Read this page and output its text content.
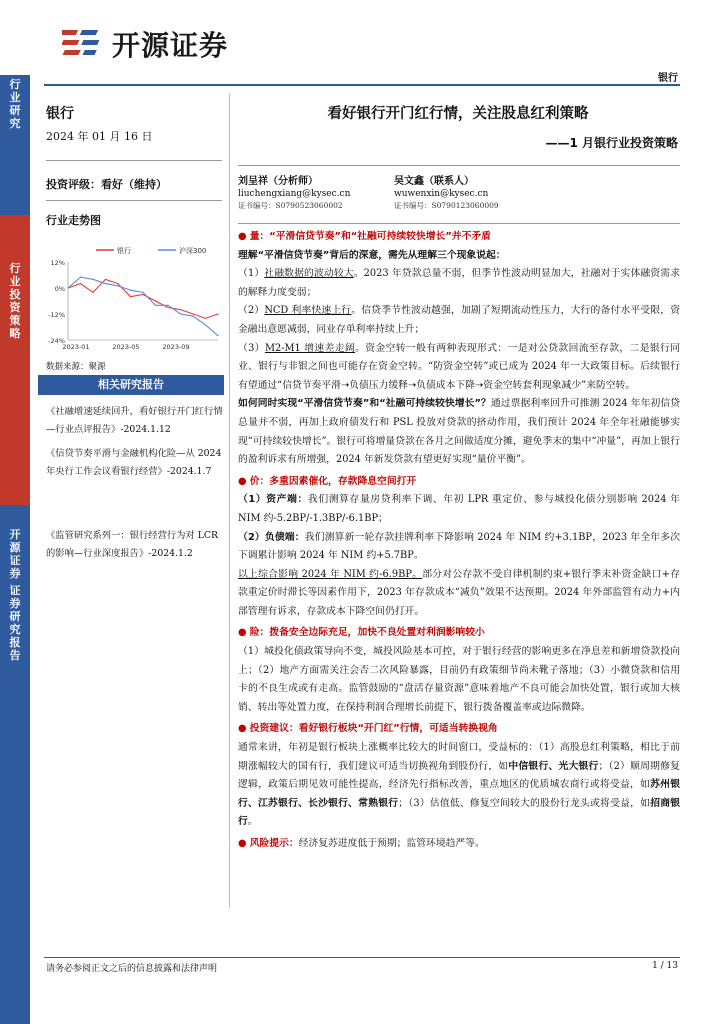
行业研究
行业投资策略
开源证券
证券研究报告
开源证券
银行
银行
2024 年 01 月 16 日
投资评级：看好（维持）
行业走势图
12%
0%
-12%
-24%
2023-01	2023-05	2023-09
银行	沪深300
数据来源：聚源
相关研究报告
《社融增速延续回升，看好银行开门红行情—行业点评报告》-2024.1.12
《信贷节奏平滑与金融机构化险—从 2024 年央行工作会议看银行经营》-2024.1.7
《监管研究系列一：银行经营行为对 LCR 的影响—行业深度报告》-2024.1.2
看好银行开门红行情，关注股息红利策略
——1 月银行业投资策略
刘呈祥（分析师）
liuchengxiang@kysec.cn
证书编号：S0790523060002
吴文鑫（联系人）
wuwenxin@kysec.cn
证书编号：S0790123060009

● 量：“平滑信贷节奏”和“社融可持续较快增长”并不矛盾

理解“平滑信贷节奏”背后的深意，需先从理解三个现象说起：

（1）社融数据的波动较大。2023 年贷款总量不弱，但季节性波动明显加大，社融对于实体融资需求的解释力度变弱；

（2）NCD 利率快速上行。信贷季节性波动越强，加剧了短期流动性压力，大行的备付水平受限，资金融出意愿减弱，同业存单利率持续上升；

（3）M2-M1 增速差走阔。资金空转一般有两种表现形式：一是对公贷款回流至存款，二是银行同业、银行与非银之间也可能存在资金空转。“防资金空转”或已成为 2024 年一大政策目标。后续银行有望通过“信贷节奏平滑➝负债压力缓释➝负债成本下降➝资金空转套利现象减少”来防空转。

如何同时实现“平滑信贷节奏”和“社融可持续较快增长”？通过票据利率回升可推测 2024 年年初信贷总量并不弱，再加上政府债发行和 PSL 投放对贷款的挤动作用，我们预计 2024 年全年社融能够实现“可持续较快增长”。银行可将增量贷款在各月之间做适度分摊，避免季末的集中“冲量”，再加上银行的盈利诉求有所增强，2024 年新发贷款有望更好实现“量价平衡”。

● 价：多重因素催化，存款降息空间打开

（1）资产端：我们测算存量房贷利率下调、年初 LPR 重定价、参与城投化债分别影响 2024 年 NIM 约-5.2BP/-1.3BP/-6.1BP；

（2）负债端：我们测算新一轮存款挂牌利率下降影响 2024 年 NIM 约+3.1BP，2023 年全年多次下调累计影响 2024 年 NIM 约+5.7BP。

以上综合影响 2024 年 NIM 约-6.9BP。部分对公存款不受自律机制约束+银行季末补资金缺口+存款重定价时滞长等因素作用下，2023 年存款成本“减负”效果不达预期。2024 年外部监管有动力+内部管理有诉求，存款成本下降空间仍打开。

● 险：拨备安全边际充足，加快不良处置对利润影响较小

（1）城投化债政策导向不变，城投风险基本可控，对于银行经营的影响更多在净息差和新增贷款投向上；（2）地产方面需关注会否二次风险暴露，目前仍有政策细节尚未靴子落地；（3）小微贷款和信用卡的不良生成或有走高。监管鼓励的“盘活存量资源”意味着地产不良可能会加快处置，银行或加大核销、转出等处置力度，在保持利润合理增长前提下，银行拨备覆盖率或边际微降。

● 投资建议：看好银行板块“开门红”行情，可适当转换视角

通常来讲，年初是银行板块上涨概率比较大的时间窗口，受益标的：（1）高股息红利策略，相比于前期涨幅较大的国有行，我们建议可适当切换视角到股份行，如中信银行、光大银行；（2）顺周期修复逻辑，政策后期见效可能性提高，经济先行指标改善，重点地区的优质城农商行或将受益，如苏州银行、江苏银行、长沙银行、常熟银行；（3）估值低、修复空间较大的股份行龙头或将受益，如招商银行。

● 风险提示：经济复苏进度低于预期；监管环境趋严等。

请务必参阅正文之后的信息披露和法律声明	1 / 13
